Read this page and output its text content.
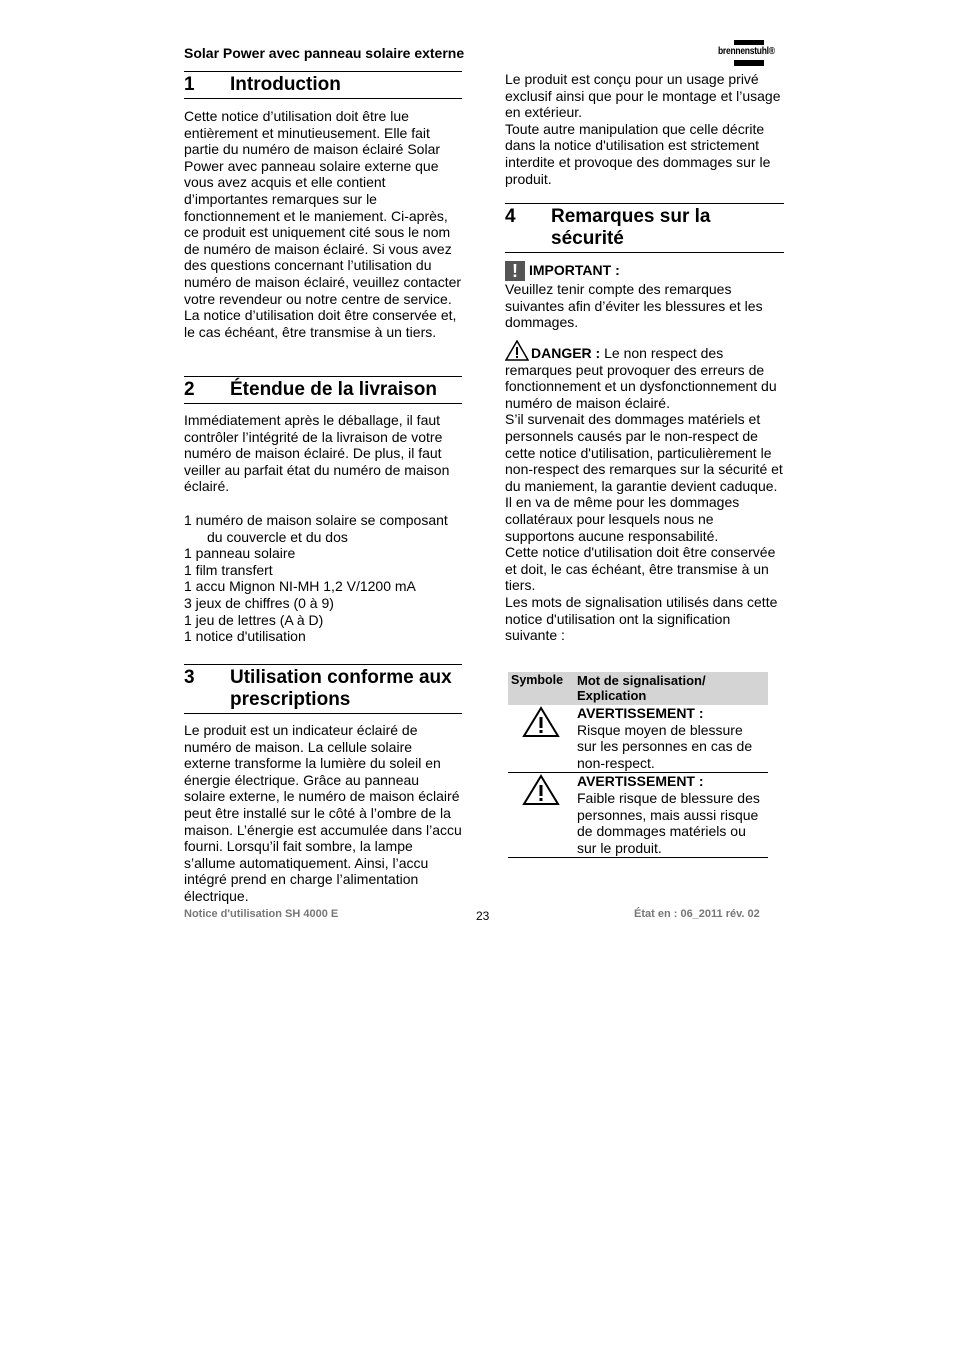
Solar Power avec panneau solaire externe	brennenstuhl®
1	Introduction

Cette notice d’utilisation doit être lue entièrement et minutieusement. Elle fait partie du numéro de maison éclairé Solar Power avec panneau solaire externe que vous avez acquis et elle contient d’importantes remarques sur le fonctionnement et le maniement. Ci-après, ce produit est uniquement cité sous le nom de numéro de maison éclairé. Si vous avez des questions concernant l’utilisation du numéro de maison éclairé, veuillez contacter votre revendeur ou notre centre de service. La notice d’utilisation doit être conservée et, le cas échéant, être transmise à un tiers.

2	Étendue de la livraison

Immédiatement après le déballage, il faut contrôler l’intégrité de la livraison de votre numéro de maison éclairé. De plus, il faut veiller au parfait état du numéro de maison éclairé.

1 numéro de maison solaire se composant du couvercle et du dos
1 panneau solaire
1 film transfert
1 accu Mignon NI-MH 1,2 V/1200 mA
3 jeux de chiffres (0 à 9)
1 jeu de lettres (A à D)
1 notice d'utilisation
3	Utilisation conforme aux prescriptions

Le produit est un indicateur éclairé de numéro de maison. La cellule solaire externe transforme la lumière du soleil en énergie électrique. Grâce au panneau solaire externe, le numéro de maison éclairé peut être installé sur le côté à l’ombre de la maison. L’énergie est accumulée dans l’accu fourni. Lorsqu’il fait sombre, la lampe s’allume automatiquement. Ainsi, l’accu intégré prend en charge l’alimentation électrique.

Le produit est conçu pour un usage privé exclusif ainsi que pour le montage et l’usage en extérieur.

Toute autre manipulation que celle décrite dans la notice d'utilisation est strictement interdite et provoque des dommages sur le produit.

4	Remarques sur la sécurité

! IMPORTANT :

Veuillez tenir compte des remarques suivantes afin d’éviter les blessures et les dommages.

DANGER : Le non respect des remarques peut provoquer des erreurs de fonctionnement et un dysfonctionnement du numéro de maison éclairé.

S’il survenait des dommages matériels et personnels causés par le non-respect de cette notice d'utilisation, particulièrement le non-respect des remarques sur la sécurité et du maniement, la garantie devient caduque.

Il en va de même pour les dommages collatéraux pour lesquels nous ne supportons aucune responsabilité.

Cette notice d'utilisation doit être conservée et doit, le cas échéant, être transmise à un tiers.

Les mots de signalisation utilisés dans cette notice d'utilisation ont la signification suivante :

Symbole	Mot de signalisation/ Explication

AVERTISSEMENT :
Risque moyen de blessure sur les personnes en cas de non-respect.

AVERTISSEMENT :
Faible risque de blessure des personnes, mais aussi risque de dommages matériels ou sur le produit.
Notice d'utilisation SH 4000 E	23	État en : 06_2011 rév. 02
